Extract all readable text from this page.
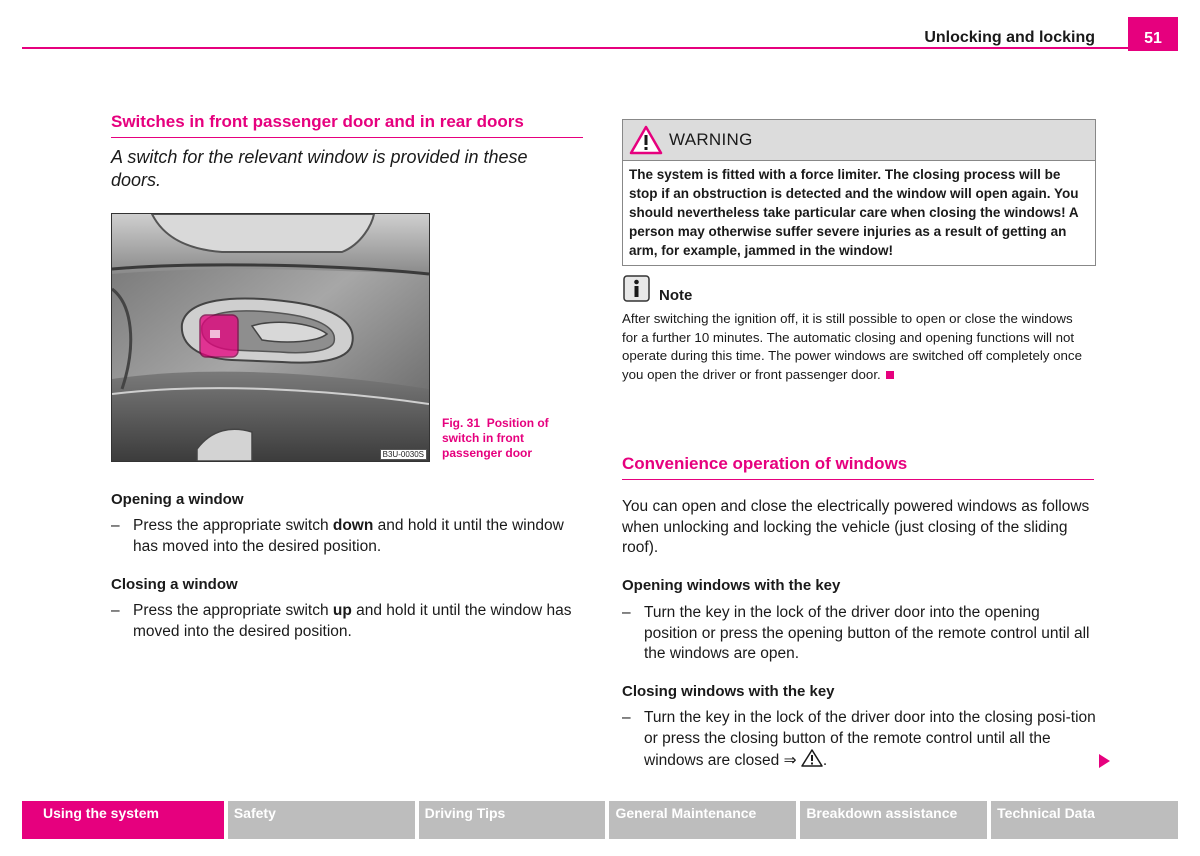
Unlocking and locking	51
Switches in front passenger door and in rear doors
A switch for the relevant window is provided in these doors.
B3U-0030S
Fig. 31 Position of switch in front passenger door
Opening a window
– Press the appropriate switch down and hold it until the window has moved into the desired position.
Closing a window
– Press the appropriate switch up and hold it until the window has moved into the desired position.
WARNING
The system is fitted with a force limiter. The closing process will be stop if an obstruction is detected and the window will open again. You should nevertheless take particular care when closing the windows! A person may otherwise suffer severe injuries as a result of getting an arm, for example, jammed in the window!
Note
After switching the ignition off, it is still possible to open or close the windows for a further 10 minutes. The automatic closing and opening functions will not operate during this time. The power windows are switched off completely once you open the driver or front passenger door.
Convenience operation of windows
You can open and close the electrically powered windows as follows when unlocking and locking the vehicle (just closing of the sliding roof).
Opening windows with the key
– Turn the key in the lock of the driver door into the opening position or press the opening button of the remote control until all the windows are open.
Closing windows with the key
– Turn the key in the lock of the driver door into the closing posi-tion or press the closing button of the remote control until all the windows are closed ⇒ .
Using the system	Safety	Driving Tips	General Maintenance	Breakdown assistance	Technical Data
